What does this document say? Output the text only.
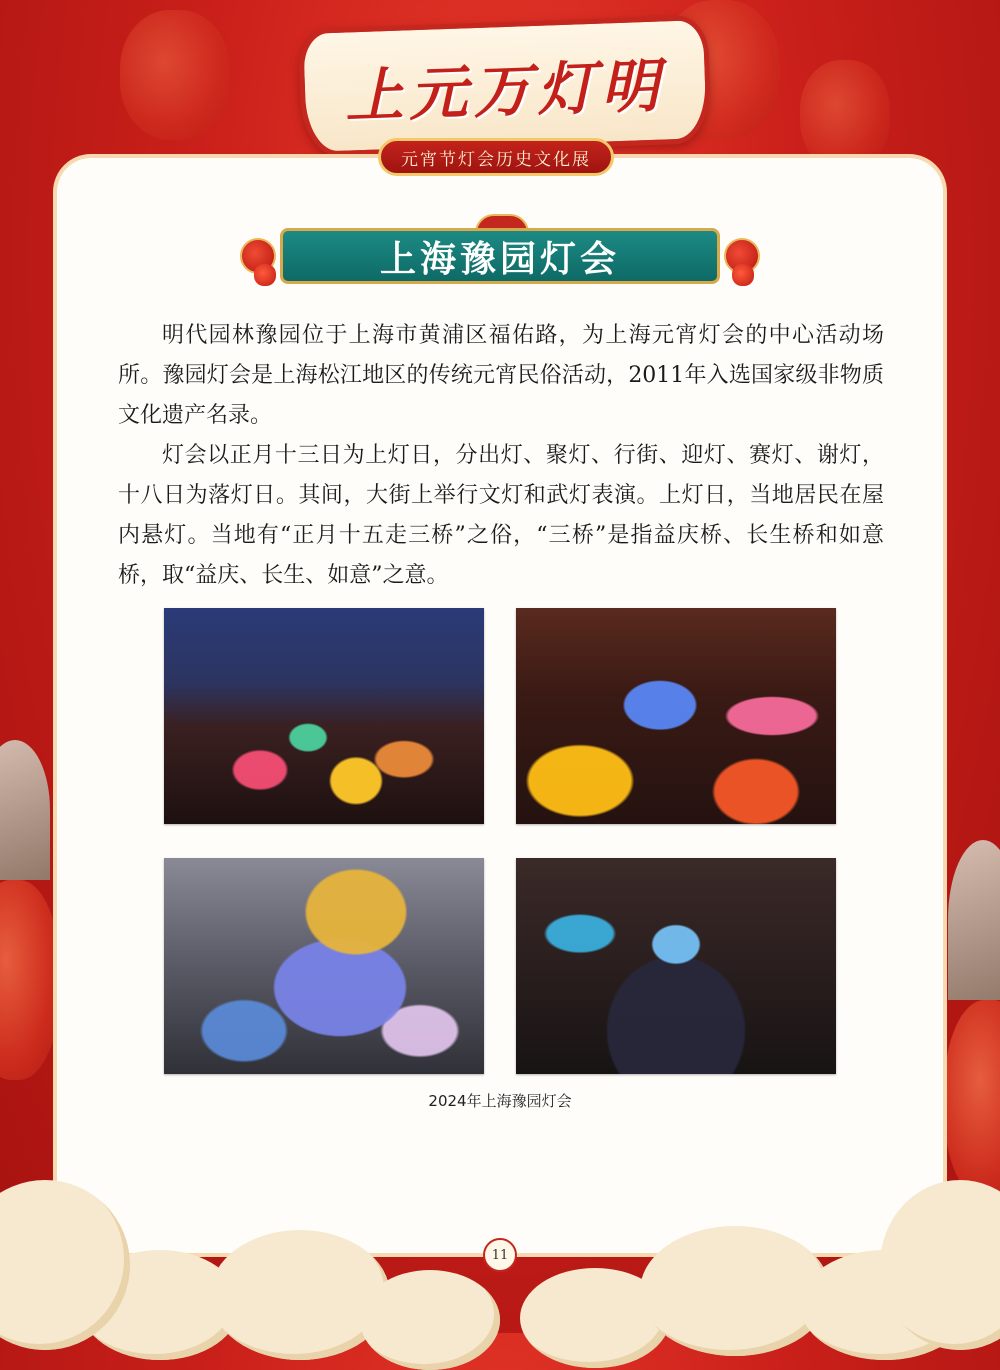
上元万灯明
元宵节灯会历史文化展
上海豫园灯会

明代园林豫园位于上海市黄浦区福佑路，为上海元宵灯会的中心活动场所。豫园灯会是上海松江地区的传统元宵民俗活动，2011年入选国家级非物质文化遗产名录。

灯会以正月十三日为上灯日，分出灯、聚灯、行街、迎灯、赛灯、谢灯，十八日为落灯日。其间，大街上举行文灯和武灯表演。上灯日，当地居民在屋内悬灯。当地有“正月十五走三桥”之俗，“三桥”是指益庆桥、长生桥和如意桥，取“益庆、长生、如意”之意。

2024年上海豫园灯会
11
